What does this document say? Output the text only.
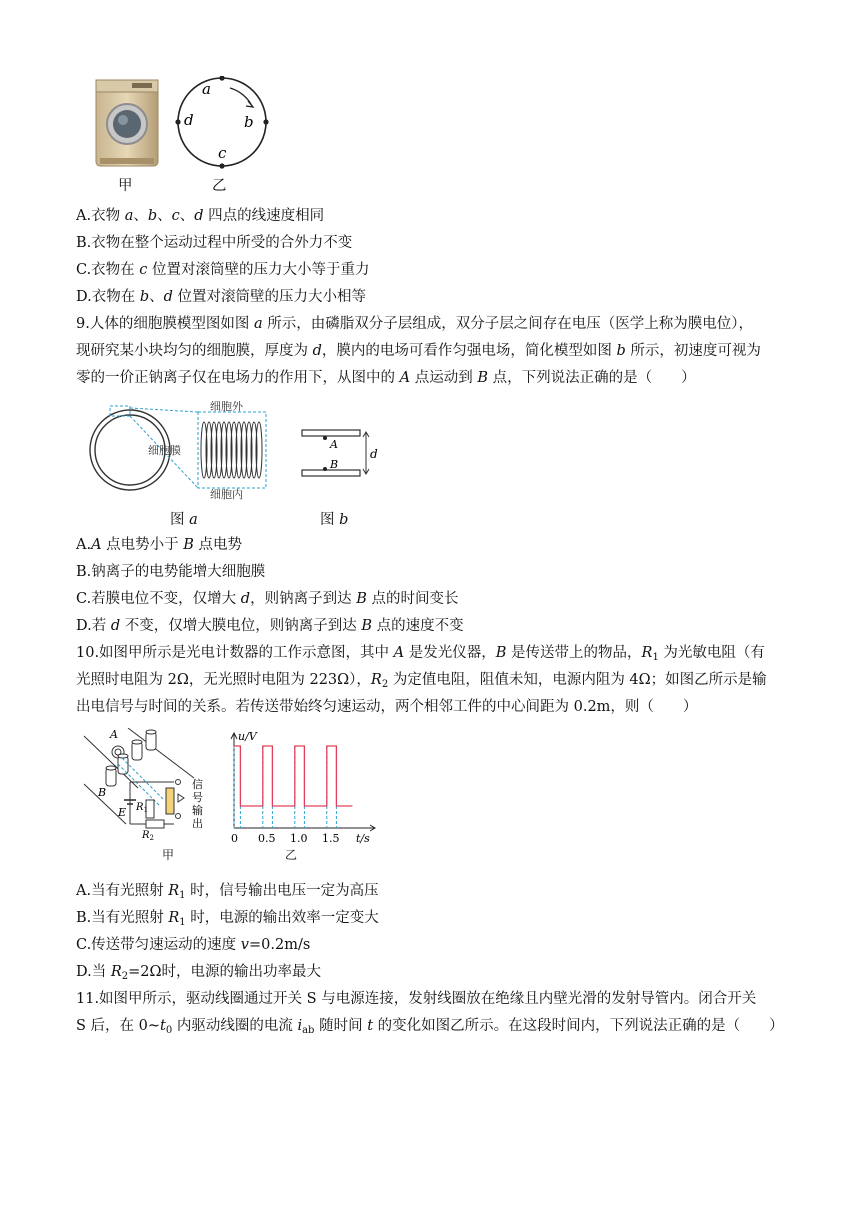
甲
a
b
c
d
乙
A.衣物 a、b、c、d 四点的线速度相同
B.衣物在整个运动过程中所受的合外力不变
C.衣物在 c 位置对滚筒壁的压力大小等于重力
D.衣物在 b、d 位置对滚筒壁的压力大小相等
9.人体的细胞膜模型图如图 a 所示，由磷脂双分子层组成，双分子层之间存在电压（医学上称为膜电位），
现研究某小块均匀的细胞膜，厚度为 d，膜内的电场可看作匀强电场，简化模型如图 b 所示，初速度可视为
零的一价正钠离子仅在电场力的作用下，从图中的 A 点运动到 B 点，下列说法正确的是（　　）
细胞外
细胞膜
细胞内
图 a
A
B
d
图 b
A.A 点电势小于 B 点电势
B.钠离子的电势能增大细胞膜
C.若膜电位不变，仅增大 d，则钠离子到达 B 点的时间变长
D.若 d 不变，仅增大膜电位，则钠离子到达 B 点的速度不变
10.如图甲所示是光电计数器的工作示意图，其中 A 是发光仪器，B 是传送带上的物品，$R_1$ 为光敏电阻（有
光照时电阻为 2Ω，无光照时电阻为 223Ω），$R_2$ 为定值电阻，阻值未知，电源内阻为 4Ω；如图乙所示是输
出电信号与时间的关系。若传送带始终匀速运动，两个相邻工件的中心间距为 0.2m，则（　　）
A
B
E $R_1$
$R_2$
信
号
输
出
甲
u/V
t/s
0 0.5 1.0 1.5
乙
A.当有光照射 $R_1$ 时，信号输出电压一定为高压
B.当有光照射 $R_1$ 时，电源的输出效率一定变大
C.传送带匀速运动的速度 v=0.2m/s
D.当 $R_2=2\Omega$时，电源的输出功率最大
11.如图甲所示，驱动线圈通过开关 S 与电源连接，发射线圈放在绝缘且内壁光滑的发射导管内。闭合开关
S 后，在 $0\sim t_0$ 内驱动线圈的电流 $i_{ab}$ 随时间 t 的变化如图乙所示。在这段时间内，下列说法正确的是（　　）
